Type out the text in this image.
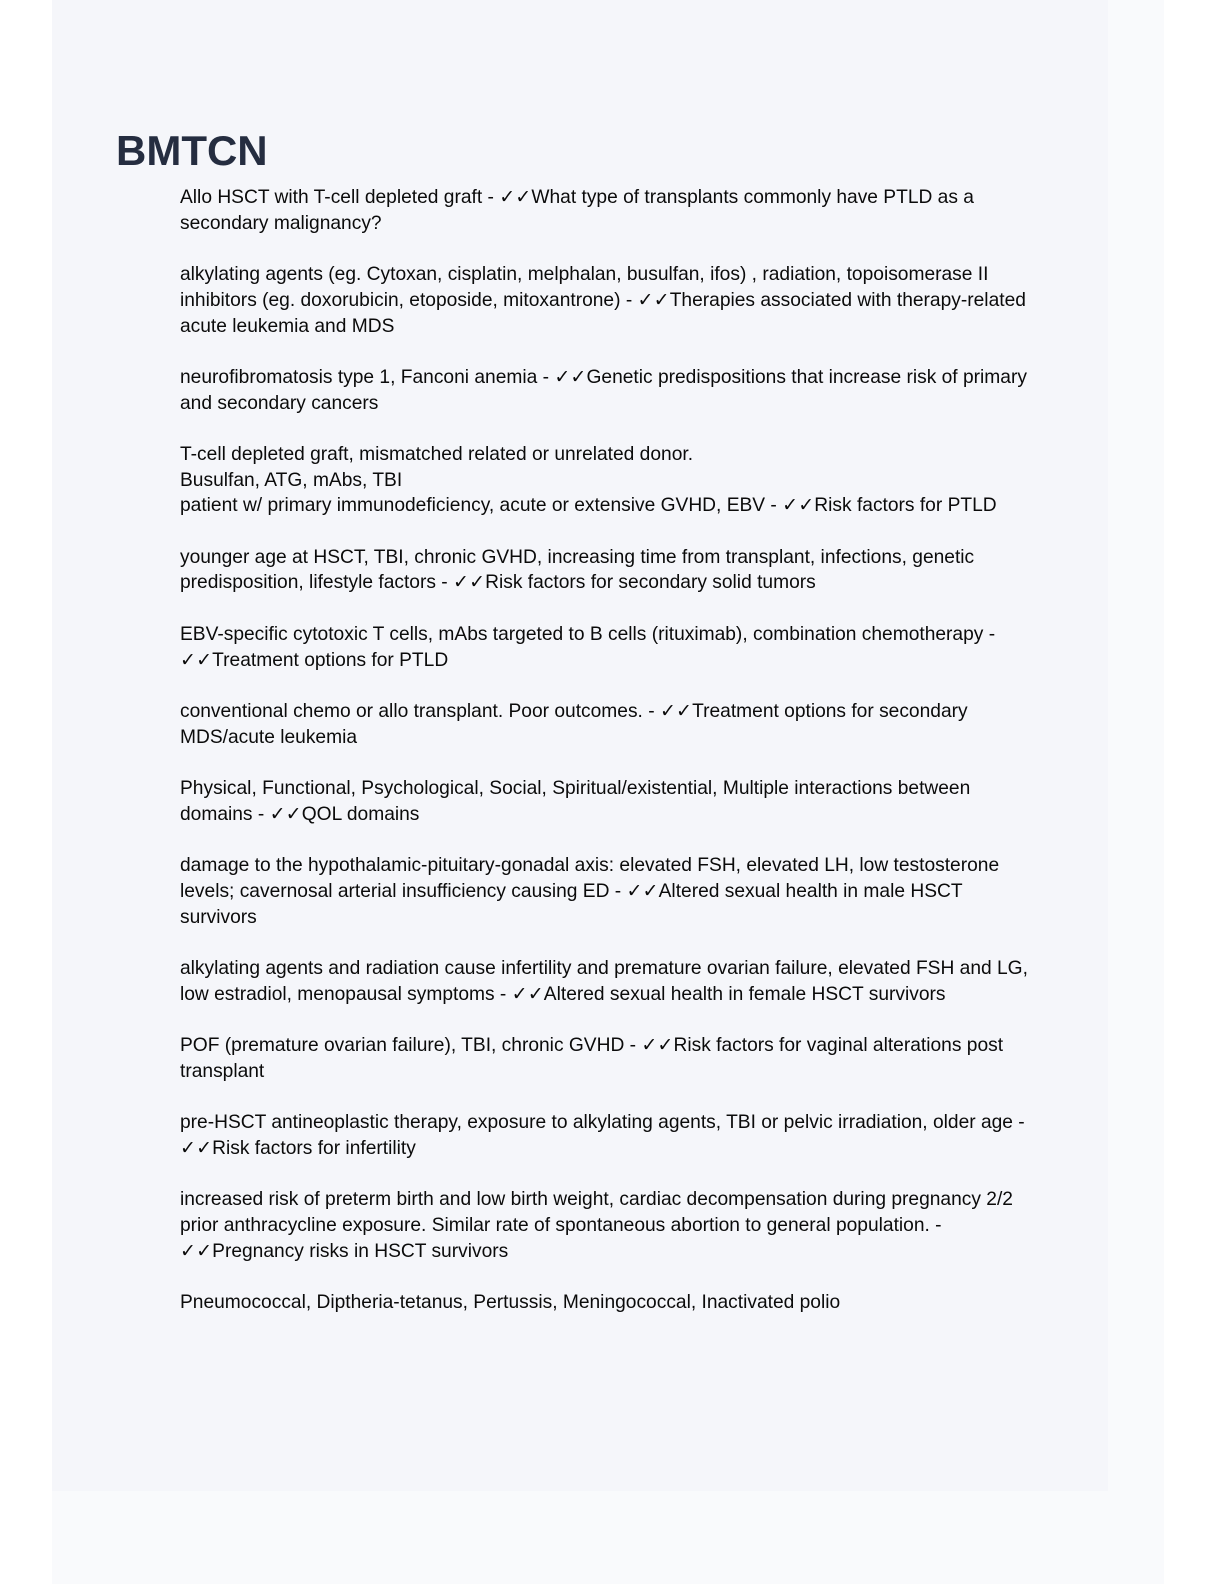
BMTCN
Allo HSCT with T-cell depleted graft - ✓✓What type of transplants commonly have PTLD as a
secondary malignancy?
alkylating agents (eg. Cytoxan, cisplatin, melphalan, busulfan, ifos) , radiation, topoisomerase II
inhibitors (eg. doxorubicin, etoposide, mitoxantrone) - ✓✓Therapies associated with therapy-related
acute leukemia and MDS
neurofibromatosis type 1, Fanconi anemia - ✓✓Genetic predispositions that increase risk of primary
and secondary cancers
T-cell depleted graft, mismatched related or unrelated donor.
Busulfan, ATG, mAbs, TBI
patient w/ primary immunodeficiency, acute or extensive GVHD, EBV - ✓✓Risk factors for PTLD
younger age at HSCT, TBI, chronic GVHD, increasing time from transplant, infections, genetic
predisposition, lifestyle factors - ✓✓Risk factors for secondary solid tumors
EBV-specific cytotoxic T cells, mAbs targeted to B cells (rituximab), combination chemotherapy -
✓✓Treatment options for PTLD
conventional chemo or allo transplant. Poor outcomes. - ✓✓Treatment options for secondary
MDS/acute leukemia
Physical, Functional, Psychological, Social, Spiritual/existential, Multiple interactions between
domains - ✓✓QOL domains
damage to the hypothalamic-pituitary-gonadal axis: elevated FSH, elevated LH, low testosterone
levels; cavernosal arterial insufficiency causing ED - ✓✓Altered sexual health in male HSCT
survivors
alkylating agents and radiation cause infertility and premature ovarian failure, elevated FSH and LG,
low estradiol, menopausal symptoms - ✓✓Altered sexual health in female HSCT survivors
POF (premature ovarian failure), TBI, chronic GVHD - ✓✓Risk factors for vaginal alterations post
transplant
pre-HSCT antineoplastic therapy, exposure to alkylating agents, TBI or pelvic irradiation, older age -
✓✓Risk factors for infertility
increased risk of preterm birth and low birth weight, cardiac decompensation during pregnancy 2/2
prior anthracycline exposure. Similar rate of spontaneous abortion to general population. -
✓✓Pregnancy risks in HSCT survivors
Pneumococcal, Diptheria-tetanus, Pertussis, Meningococcal, Inactivated polio
